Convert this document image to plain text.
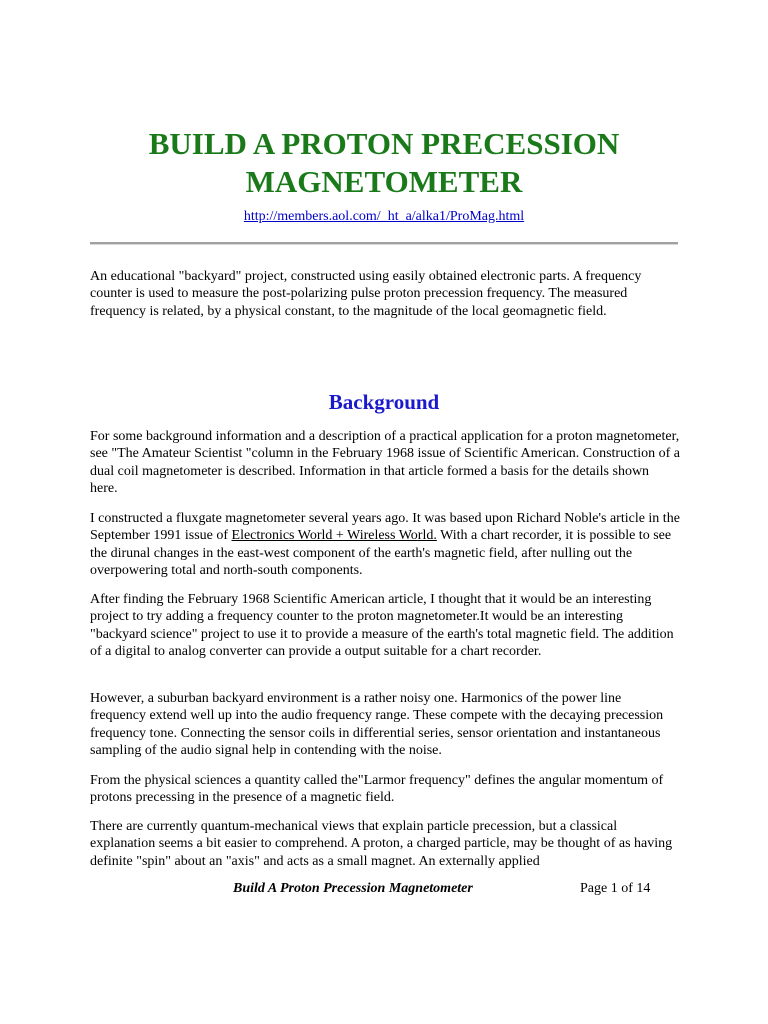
BUILD A PROTON PRECESSION
MAGNETOMETER
http://members.aol.com/_ht_a/alka1/ProMag.html

An educational "backyard" project, constructed using easily obtained electronic parts. A frequency counter is used to measure the post-polarizing pulse proton precession frequency. The measured frequency is related, by a physical constant, to the magnitude of the local geomagnetic field.

Background

For some background information and a description of a practical application for a proton magnetometer, see "The Amateur Scientist "column in the February 1968 issue of Scientific American. Construction of a dual coil magnetometer is described. Information in that article formed a basis for the details shown here.

I constructed a fluxgate magnetometer several years ago. It was based upon Richard Noble's article in the September 1991 issue of Electronics World + Wireless World. With a chart recorder, it is possible to see the dirunal changes in the east-west component of the earth's magnetic field, after nulling out the overpowering total and north-south components.

After finding the February 1968 Scientific American article, I thought that it would be an interesting project to try adding a frequency counter to the proton magnetometer.It would be an interesting "backyard science" project to use it to provide a measure of the earth's total magnetic field. The addition of a digital to analog converter can provide a output suitable for a chart recorder.

However, a suburban backyard environment is a rather noisy one. Harmonics of the power line frequency extend well up into the audio frequency range. These compete with the decaying precession frequency tone. Connecting the sensor coils in differential series, sensor orientation and instantaneous sampling of the audio signal help in contending with the noise.

From the physical sciences a quantity called the"Larmor frequency" defines the angular momentum of protons precessing in the presence of a magnetic field.

There are currently quantum-mechanical views that explain particle precession, but a classical explanation seems a bit easier to comprehend. A proton, a charged particle, may be thought of as having definite "spin" about an "axis" and acts as a small magnet. An externally applied

Build A Proton Precession Magnetometer	Page 1 of 14
